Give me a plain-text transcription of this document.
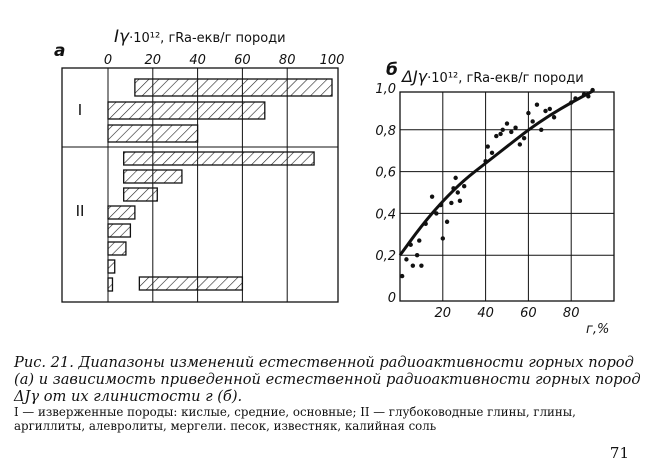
а
Iγ·10¹², гRa-екв/г породи
0 20 40 60 80 100
I
II
б ΔJγ·10¹², гRa-екв/г породи
20 40 60 80
0
0,2
0,4
0,6
0,8
1,0
г,%

Рис. 21. Диапазоны изменений естественной радиоактивности горных пород (а) и зависимость приведенной естественной радиоактивности горных пород ΔJγ от их глинистости г (б).

I — изверженные породы: кислые, средние, основные; II — глубоководные глины, глины, аргиллиты, алевролиты, мергели. песок, известняк, калийная соль

71
